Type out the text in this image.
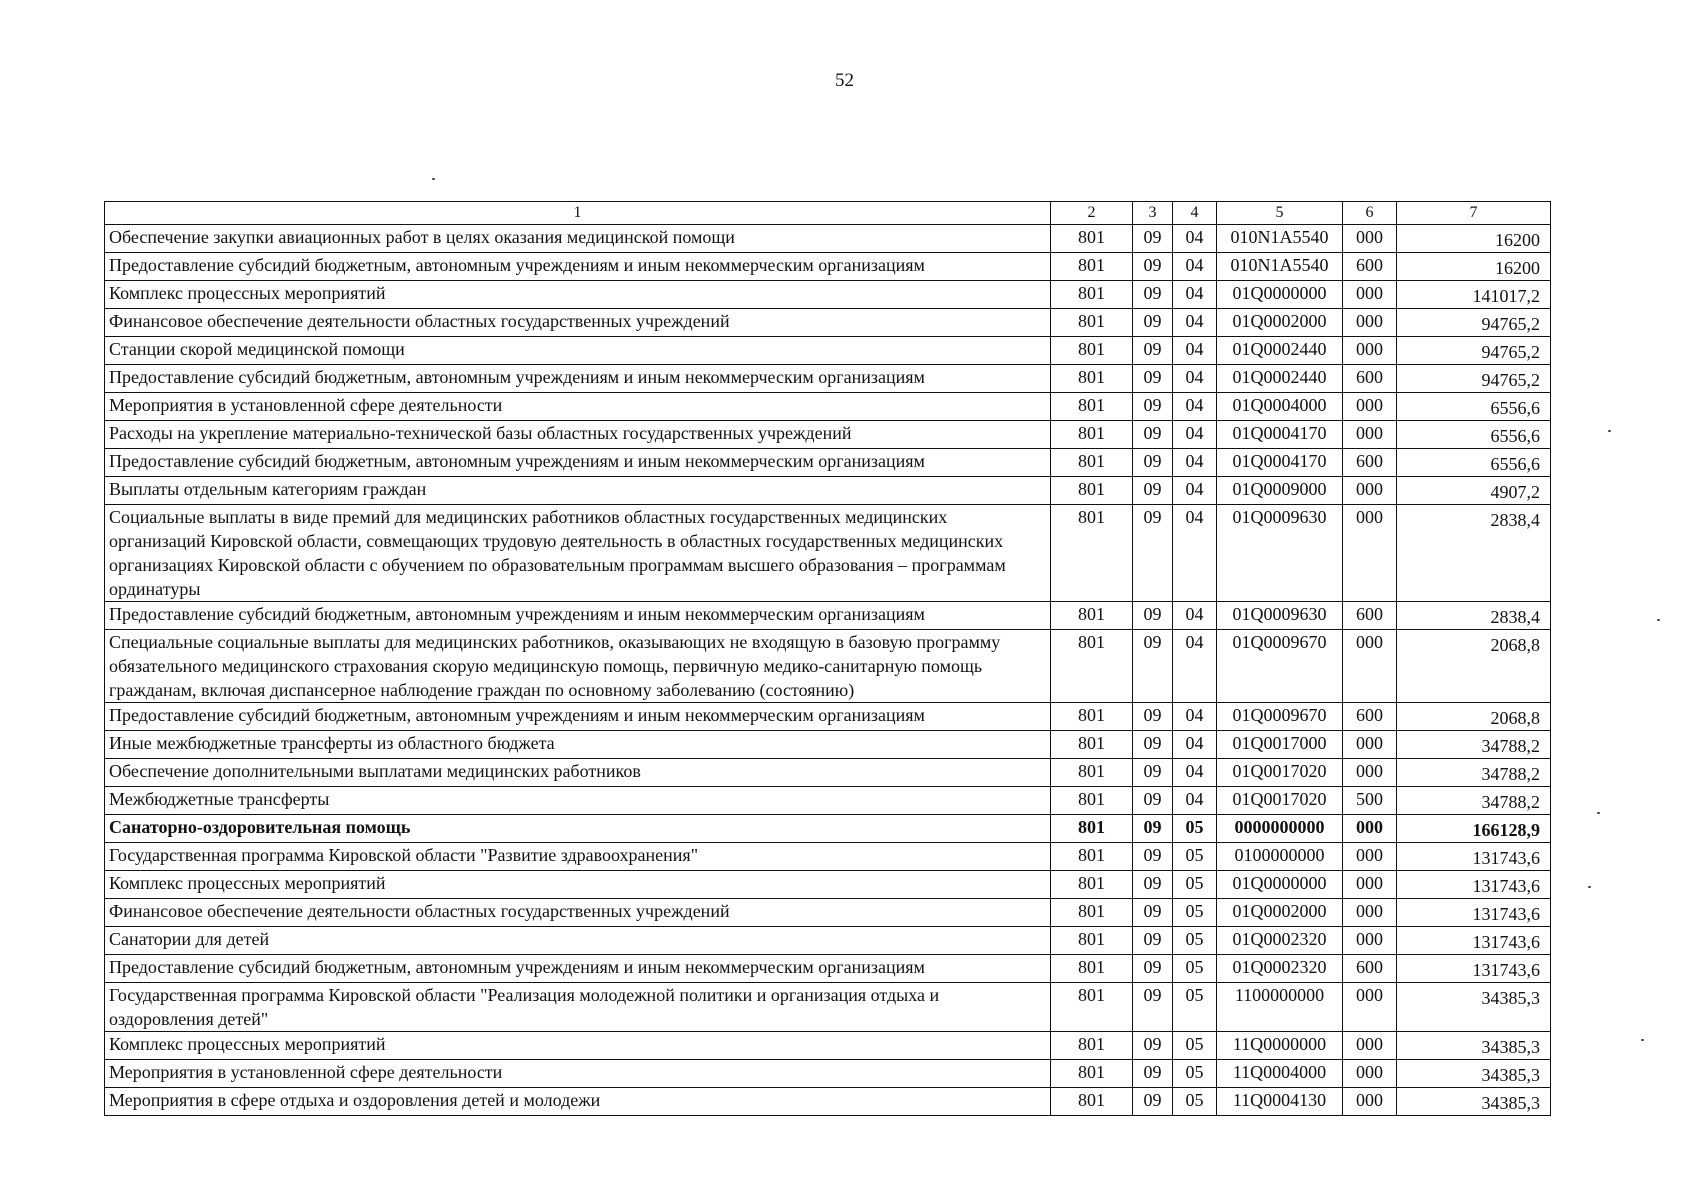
52
1	2	3	4	5	6	7
Обеспечение закупки авиационных работ в целях оказания медицинской помощи	801	09	04	010N1A5540	000	16200
Предоставление субсидий бюджетным, автономным учреждениям и иным некоммерческим организациям	801	09	04	010N1A5540	600	16200
Комплекс процессных мероприятий	801	09	04	01Q0000000	000	141017,2
Финансовое обеспечение деятельности областных государственных учреждений	801	09	04	01Q0002000	000	94765,2
Станции скорой медицинской помощи	801	09	04	01Q0002440	000	94765,2
Предоставление субсидий бюджетным, автономным учреждениям и иным некоммерческим организациям	801	09	04	01Q0002440	600	94765,2
Мероприятия в установленной сфере деятельности	801	09	04	01Q0004000	000	6556,6
Расходы на укрепление материально-технической базы областных государственных учреждений	801	09	04	01Q0004170	000	6556,6
Предоставление субсидий бюджетным, автономным учреждениям и иным некоммерческим организациям	801	09	04	01Q0004170	600	6556,6
Выплаты отдельным категориям граждан	801	09	04	01Q0009000	000	4907,2
Социальные выплаты в виде премий для медицинских работников областных государственных медицинских организаций Кировской области, совмещающих трудовую деятельность в областных государственных медицинских организациях Кировской области с обучением по образовательным программам высшего образования – программам ординатуры	801	09	04	01Q0009630	000	2838,4
Предоставление субсидий бюджетным, автономным учреждениям и иным некоммерческим организациям	801	09	04	01Q0009630	600	2838,4
Специальные социальные выплаты для медицинских работников, оказывающих не входящую в базовую программу обязательного медицинского страхования скорую медицинскую помощь, первичную медико-санитарную помощь гражданам, включая диспансерное наблюдение граждан по основному заболеванию (состоянию)	801	09	04	01Q0009670	000	2068,8
Предоставление субсидий бюджетным, автономным учреждениям и иным некоммерческим организациям	801	09	04	01Q0009670	600	2068,8
Иные межбюджетные трансферты из областного бюджета	801	09	04	01Q0017000	000	34788,2
Обеспечение дополнительными выплатами медицинских работников	801	09	04	01Q0017020	000	34788,2
Межбюджетные трансферты	801	09	04	01Q0017020	500	34788,2
Санаторно-оздоровительная помощь	801	09	05	0000000000	000	166128,9
Государственная программа Кировской области "Развитие здравоохранения"	801	09	05	0100000000	000	131743,6
Комплекс процессных мероприятий	801	09	05	01Q0000000	000	131743,6
Финансовое обеспечение деятельности областных государственных учреждений	801	09	05	01Q0002000	000	131743,6
Санатории для детей	801	09	05	01Q0002320	000	131743,6
Предоставление субсидий бюджетным, автономным учреждениям и иным некоммерческим организациям	801	09	05	01Q0002320	600	131743,6
Государственная программа Кировской области "Реализация молодежной политики и организация отдыха и оздоровления детей"	801	09	05	1100000000	000	34385,3
Комплекс процессных мероприятий	801	09	05	11Q0000000	000	34385,3
Мероприятия в установленной сфере деятельности	801	09	05	11Q0004000	000	34385,3
Мероприятия в сфере отдыха и оздоровления детей и молодежи	801	09	05	11Q0004130	000	34385,3
